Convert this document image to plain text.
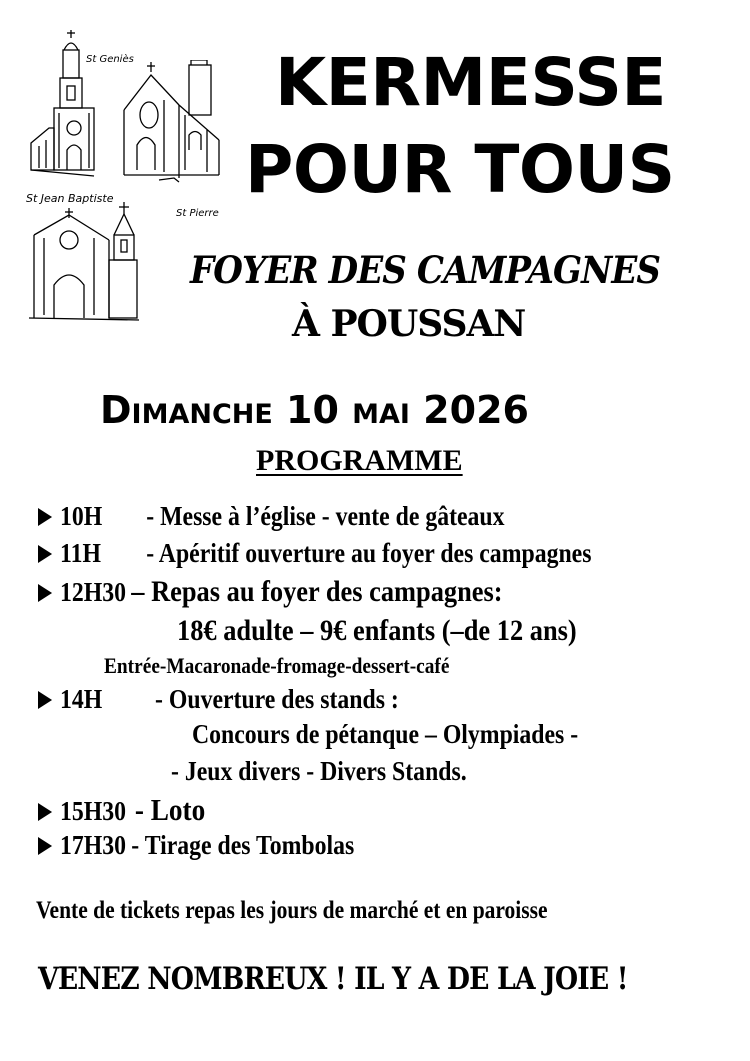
St Geniès
St Pierre
St Jean Baptiste
KERMESSE
POUR TOUS
FOYER DES CAMPAGNES
À POUSSAN
Dimanche 10 mai 2026
PROGRAMME
10H - Messe à l’église - vente de gâteaux
11H - Apéritif ouverture au foyer des campagnes
12H30 – Repas au foyer des campagnes:
18€ adulte – 9€ enfants (–de 12 ans)
Entrée-Macaronade-fromage-dessert-café
14H - Ouverture des stands :
Concours de pétanque – Olympiades -
- Jeux divers - Divers Stands.
15H30 - Loto
17H30 - Tirage des Tombolas
Vente de tickets repas les jours de marché et en paroisse
VENEZ NOMBREUX ! IL Y A DE LA JOIE !
